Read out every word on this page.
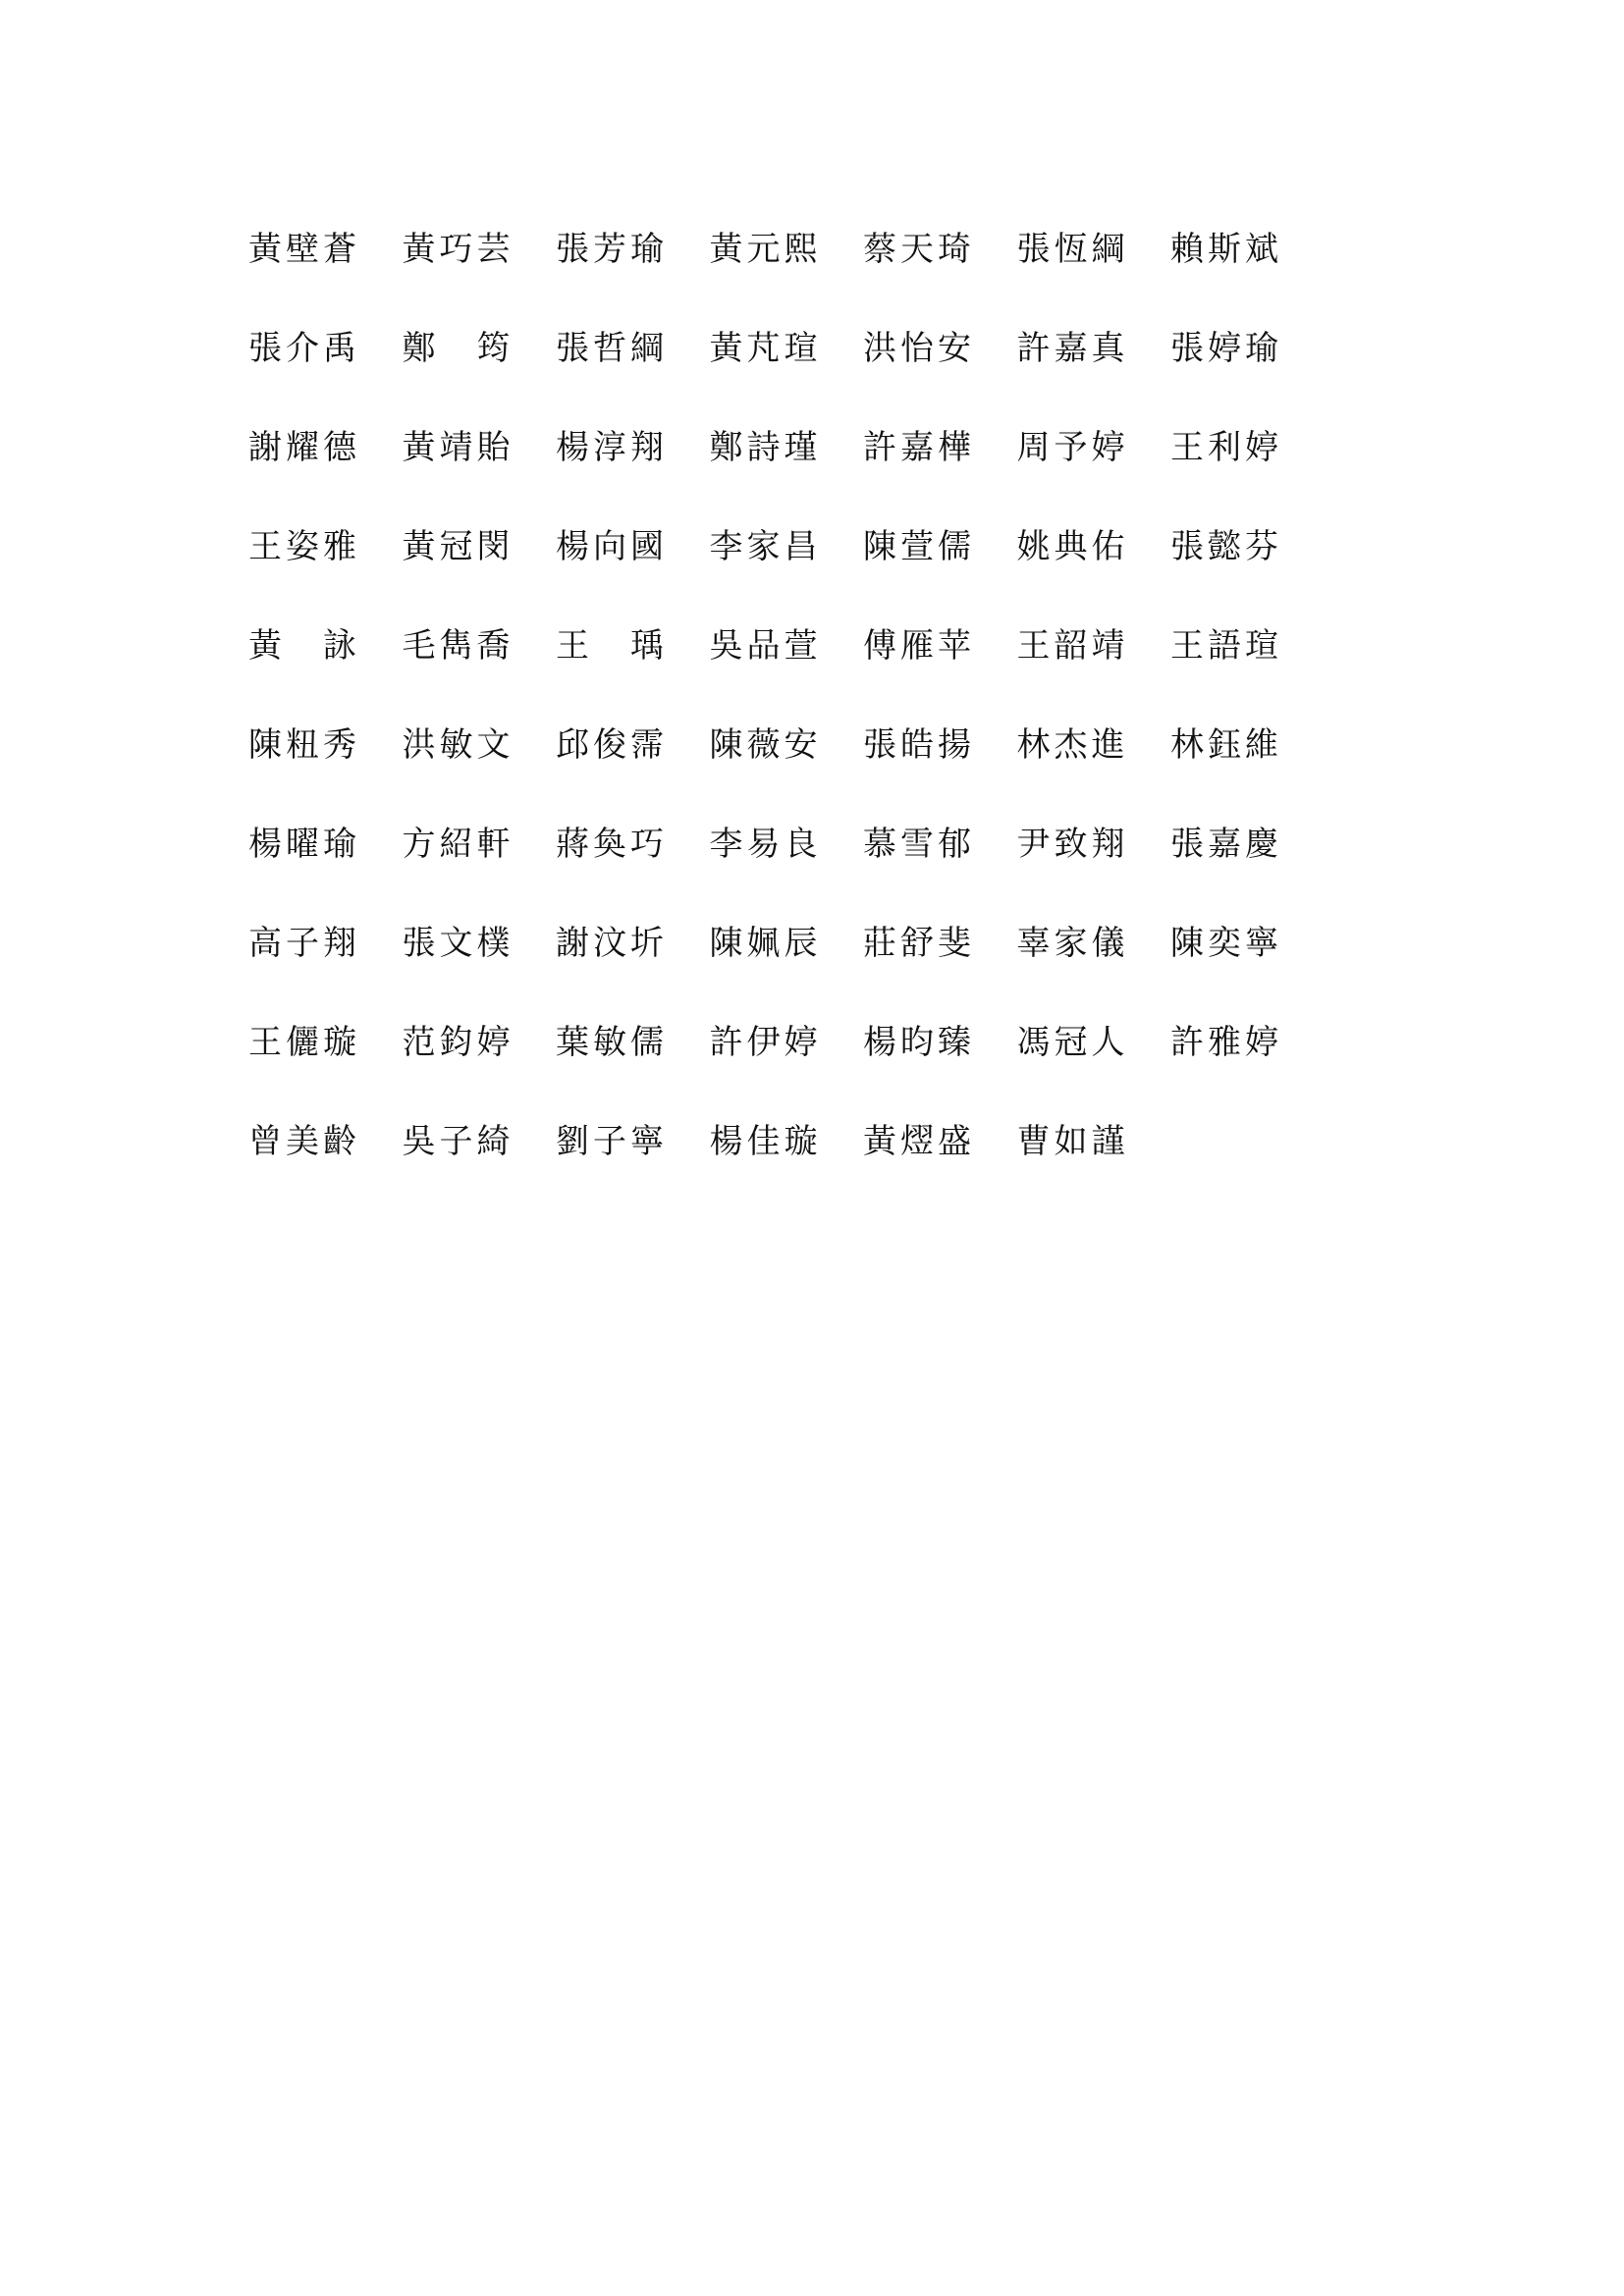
黃壁蒼	黃巧芸	張芳瑜	黃元熙	蔡天琦	張恆綱	賴斯斌
張介禹	鄭　筠	張哲綱	黃芃瑄	洪怡安	許嘉真	張婷瑜
謝耀德	黃靖貽	楊淳翔	鄭詩瑾	許嘉樺	周予婷	王利婷
王姿雅	黃冠閔	楊向國	李家昌	陳萱儒	姚典佑	張懿芬
黃　詠	毛雋喬	王　瑀	吳品萱	傅雁苹	王韶靖	王語瑄
陳粈秀	洪敏文	邱俊霈	陳薇安	張皓揚	林杰進	林鈺維
楊曜瑜	方紹軒	蔣奐巧	李易良	慕雪郁	尹致翔	張嘉慶
高子翔	張文樸	謝汶圻	陳姵辰	莊舒斐	辜家儀	陳奕寧
王儷璇	范鈞婷	葉敏儒	許伊婷	楊昀臻	馮冠人	許雅婷
曾美齡	吳子綺	劉子寧	楊佳璇	黃熤盛	曹如謹
